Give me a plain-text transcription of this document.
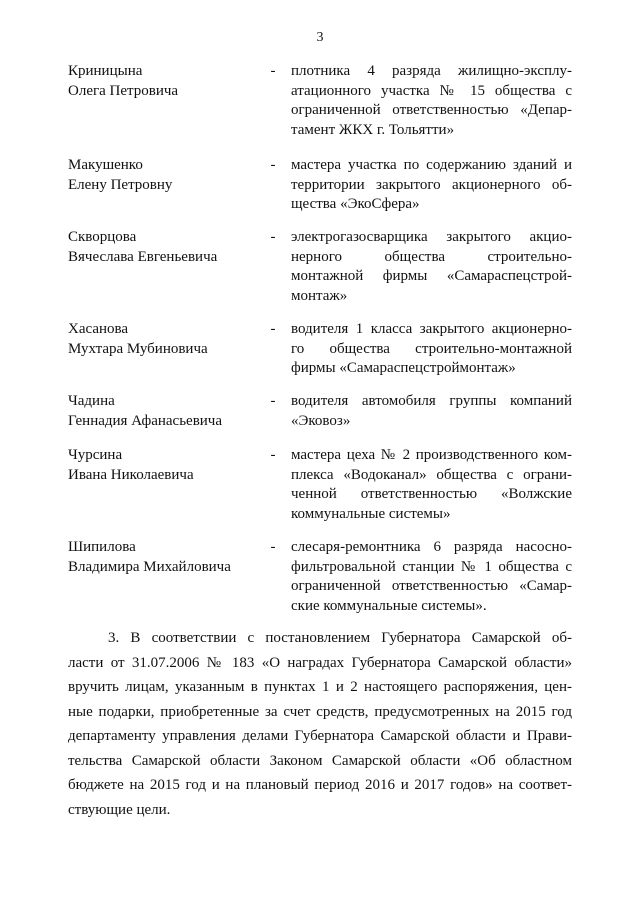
3
Криницына
Олега Петровича
- плотника 4 разряда жилищно-эксплу-
атационного участка № 15 общества с
ограниченной ответственностью «Депар-
тамент ЖКХ г. Тольятти»
Макушенко
Елену Петровну
- мастера участка по содержанию зданий и
территории закрытого акционерного об-
щества «ЭкоСфера»
Скворцова
Вячеслава Евгеньевича
- электрогазосварщика закрытого акцио-
нерного общества строительно-
монтажной фирмы «Самараспецстрой-
монтаж»
Хасанова
Мухтара Мубиновича
- водителя 1 класса закрытого акционерно-
го общества строительно-монтажной
фирмы «Самараспецстроймонтаж»
Чадина
Геннадия Афанасьевича
- водителя автомобиля группы компаний
«Эковоз»
Чурсина
Ивана Николаевича
- мастера цеха № 2 производственного ком-
плекса «Водоканал» общества с ограни-
ченной ответственностью «Волжские
коммунальные системы»
Шипилова
Владимира Михайловича
- слесаря-ремонтника 6 разряда насосно-
фильтровальной станции № 1 общества с
ограниченной ответственностью «Самар-
ские коммунальные системы».
3. В соответствии с постановлением Губернатора Самарской об-
ласти от 31.07.2006 № 183 «О наградах Губернатора Самарской области»
вручить лицам, указанным в пунктах 1 и 2 настоящего распоряжения, цен-
ные подарки, приобретенные за счет средств, предусмотренных на 2015 год
департаменту управления делами Губернатора Самарской области и Прави-
тельства Самарской области Законом Самарской области «Об областном
бюджете на 2015 год и на плановый период 2016 и 2017 годов» на соответ-
ствующие цели.
